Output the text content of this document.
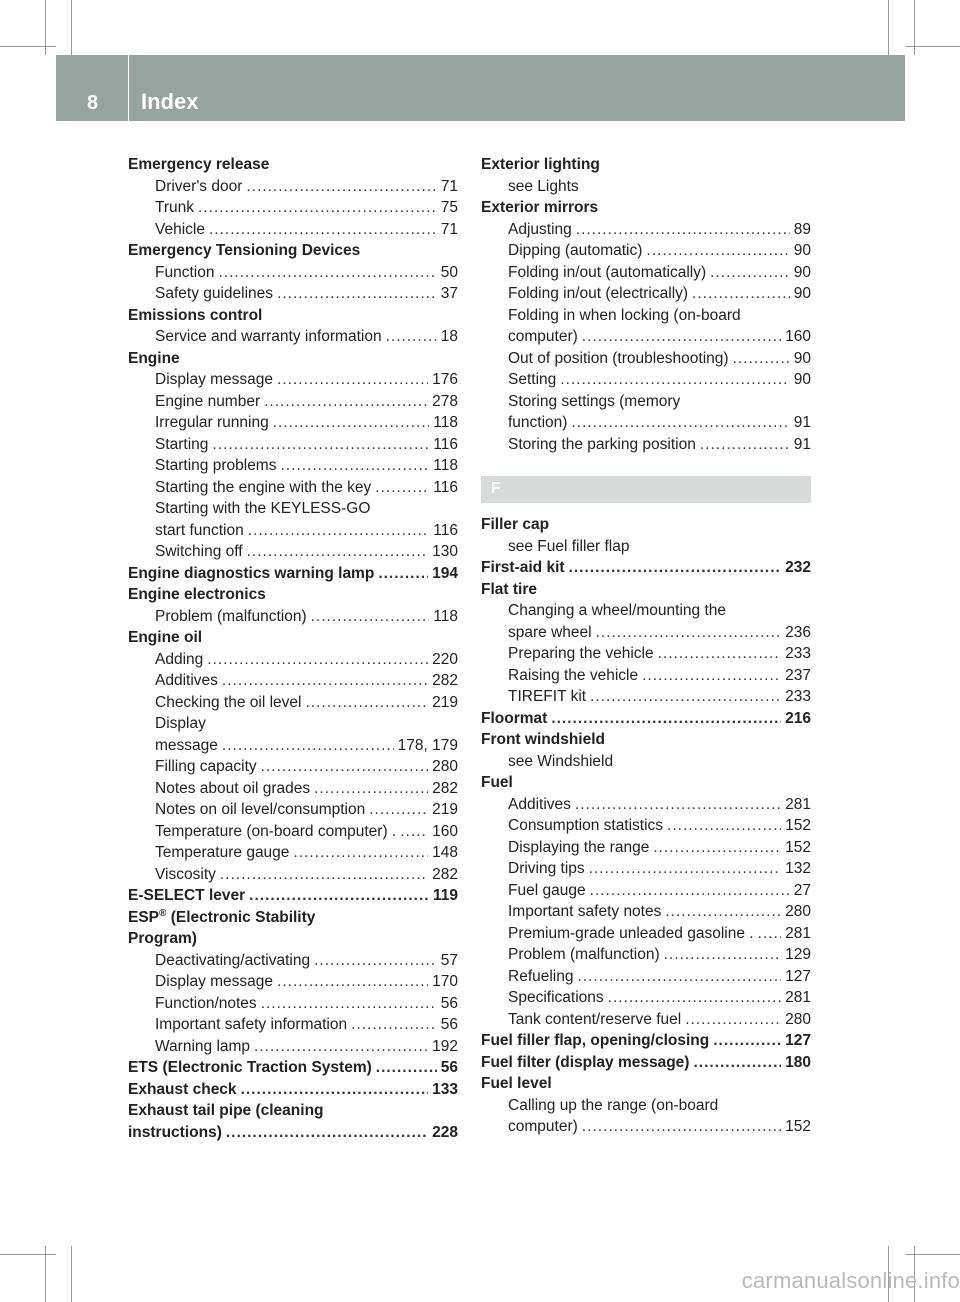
8 Index
Emergency release
Driver's door .....	71
Trunk .....	75
Vehicle .....	71
Emergency Tensioning Devices
Function .....	50
Safety guidelines .....	37
Emissions control
Service and warranty information .....	18
Engine
Display message .....	176
Engine number .....	278
Irregular running .....	118
Starting .....	116
Starting problems .....	118
Starting the engine with the key .....	116
Starting with the KEYLESS-GO
start function .....	116
Switching off .....	130
Engine diagnostics warning lamp .....	194
Engine electronics
Problem (malfunction) .....	118
Engine oil
Adding .....	220
Additives .....	282
Checking the oil level .....	219
Display
message .....	178, 179
Filling capacity .....	280
Notes about oil grades .....	282
Notes on oil level/consumption .....	219
Temperature (on-board computer) . ..... 160
Temperature gauge .....	148
Viscosity .....	282
E-SELECT lever .....	119
ESP® (Electronic Stability
Program)
Deactivating/activating .....	57
Display message .....	170
Function/notes .....	56
Important safety information .....	56
Warning lamp .....	192
ETS (Electronic Traction System) .....	56
Exhaust check .....	133
Exhaust tail pipe (cleaning
instructions) .....	228
Exterior lighting
see Lights
Exterior mirrors
Adjusting .....	89
Dipping (automatic) .....	90
Folding in/out (automatically) .....	90
Folding in/out (electrically) .....	90
Folding in when locking (on-board
computer) .....	160
Out of position (troubleshooting) .....	90
Setting .....	90
Storing settings (memory
function) .....	91
Storing the parking position .....	91
F
Filler cap
see Fuel filler flap
First-aid kit .....	232
Flat tire
Changing a wheel/mounting the
spare wheel .....	236
Preparing the vehicle .....	233
Raising the vehicle .....	237
TIREFIT kit .....	233
Floormat .....	216
Front windshield
see Windshield
Fuel
Additives .....	281
Consumption statistics .....	152
Displaying the range .....	152
Driving tips .....	132
Fuel gauge .....	27
Important safety notes .....	280
Premium-grade unleaded gasoline . ..... 281
Problem (malfunction) .....	129
Refueling .....	127
Specifications .....	281
Tank content/reserve fuel .....	280
Fuel filler flap, opening/closing .....	127
Fuel filter (display message) .....	180
Fuel level
Calling up the range (on-board
computer) .....	152
carmanualsonline.info
